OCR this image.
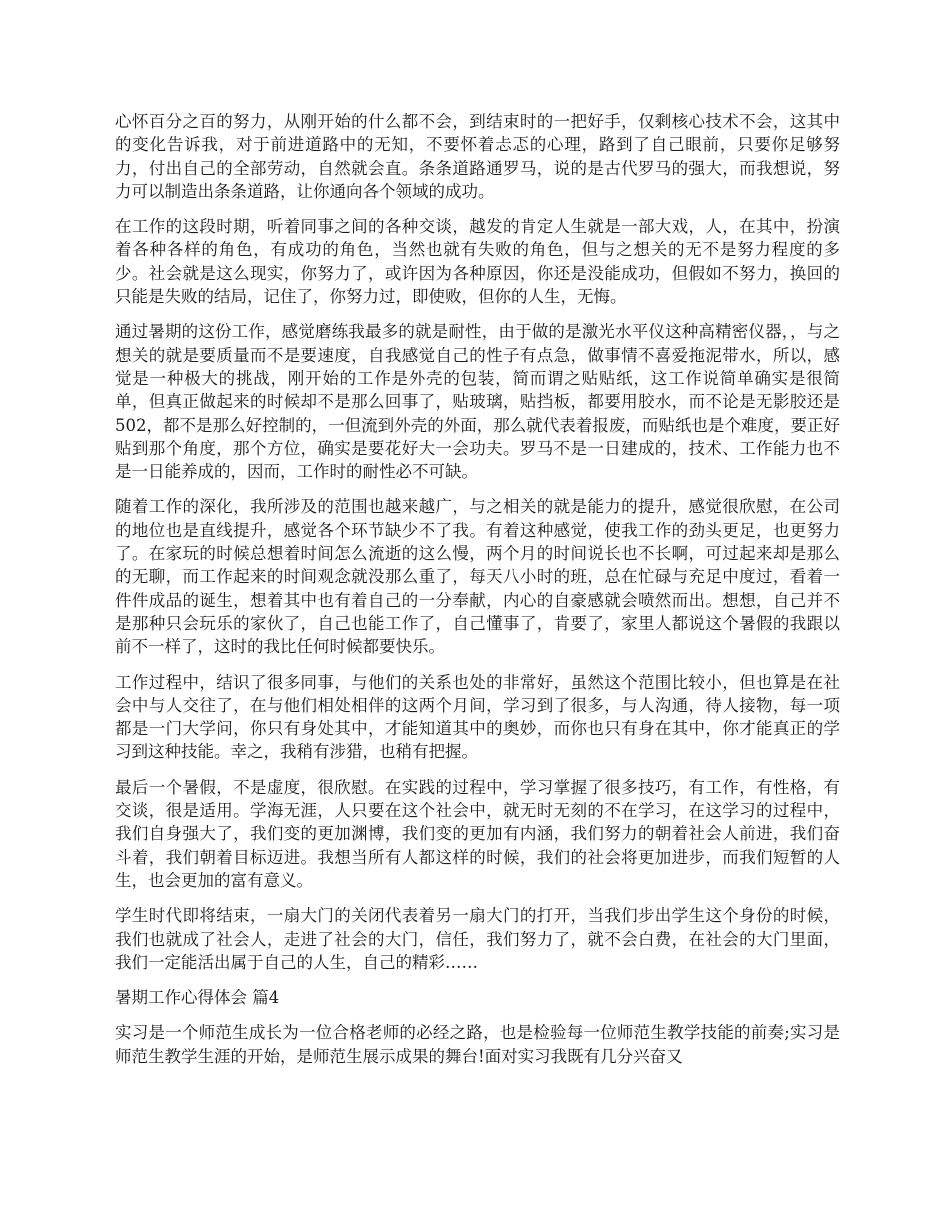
心怀百分之百的努力，从刚开始的什么都不会，到结束时的一把好手，仅剩核心技术不会，这其中的变化告诉我，对于前进道路中的无知，不要怀着忐忑的心理，路到了自己眼前，只要你足够努力，付出自己的全部劳动，自然就会直。条条道路通罗马，说的是古代罗马的强大，而我想说，努力可以制造出条条道路，让你通向各个领域的成功。

在工作的这段时期，听着同事之间的各种交谈，越发的肯定人生就是一部大戏，人，在其中，扮演着各种各样的角色，有成功的角色，当然也就有失败的角色，但与之想关的无不是努力程度的多少。社会就是这么现实，你努力了，或许因为各种原因，你还是没能成功，但假如不努力，换回的只能是失败的结局，记住了，你努力过，即使败，但你的人生，无悔。

通过暑期的这份工作，感觉磨练我最多的就是耐性，由于做的是激光水平仪这种高精密仪器，，与之想关的就是要质量而不是要速度，自我感觉自己的性子有点急，做事情不喜爱拖泥带水，所以，感觉是一种极大的挑战，刚开始的工作是外壳的包装，简而谓之贴贴纸，这工作说简单确实是很简单，但真正做起来的时候却不是那么回事了，贴玻璃，贴挡板，都要用胶水，而不论是无影胶还是502，都不是那么好控制的，一但流到外壳的外面，那么就代表着报废，而贴纸也是个难度，要正好贴到那个角度，那个方位，确实是要花好大一会功夫。罗马不是一日建成的，技术、工作能力也不是一日能养成的，因而，工作时的耐性必不可缺。

随着工作的深化，我所涉及的范围也越来越广，与之相关的就是能力的提升，感觉很欣慰，在公司的地位也是直线提升，感觉各个环节缺少不了我。有着这种感觉，使我工作的劲头更足，也更努力了。在家玩的时候总想着时间怎么流逝的这么慢，两个月的时间说长也不长啊，可过起来却是那么的无聊，而工作起来的时间观念就没那么重了，每天八小时的班，总在忙碌与充足中度过，看着一件件成品的诞生，想着其中也有着自己的一分奉献，内心的自豪感就会喷然而出。想想，自己并不是那种只会玩乐的家伙了，自己也能工作了，自己懂事了，肯要了，家里人都说这个暑假的我跟以前不一样了，这时的我比任何时候都要快乐。

工作过程中，结识了很多同事，与他们的关系也处的非常好，虽然这个范围比较小，但也算是在社会中与人交往了，在与他们相处相伴的这两个月间，学习到了很多，与人沟通，待人接物，每一项都是一门大学问，你只有身处其中，才能知道其中的奥妙，而你也只有身在其中，你才能真正的学习到这种技能。幸之，我稍有涉猎，也稍有把握。

最后一个暑假，不是虚度，很欣慰。在实践的过程中，学习掌握了很多技巧，有工作，有性格，有交谈，很是适用。学海无涯，人只要在这个社会中，就无时无刻的不在学习，在这学习的过程中，我们自身强大了，我们变的更加渊博，我们变的更加有内涵，我们努力的朝着社会人前进，我们奋斗着，我们朝着目标迈进。我想当所有人都这样的时候，我们的社会将更加进步，而我们短暂的人生，也会更加的富有意义。

学生时代即将结束，一扇大门的关闭代表着另一扇大门的打开，当我们步出学生这个身份的时候，我们也就成了社会人，走进了社会的大门，信任，我们努力了，就不会白费，在社会的大门里面，我们一定能活出属于自己的人生，自己的精彩……

暑期工作心得体会 篇4

实习是一个师范生成长为一位合格老师的必经之路，也是检验每一位师范生教学技能的前奏;实习是师范生教学生涯的开始，是师范生展示成果的舞台!面对实习我既有几分兴奋又
